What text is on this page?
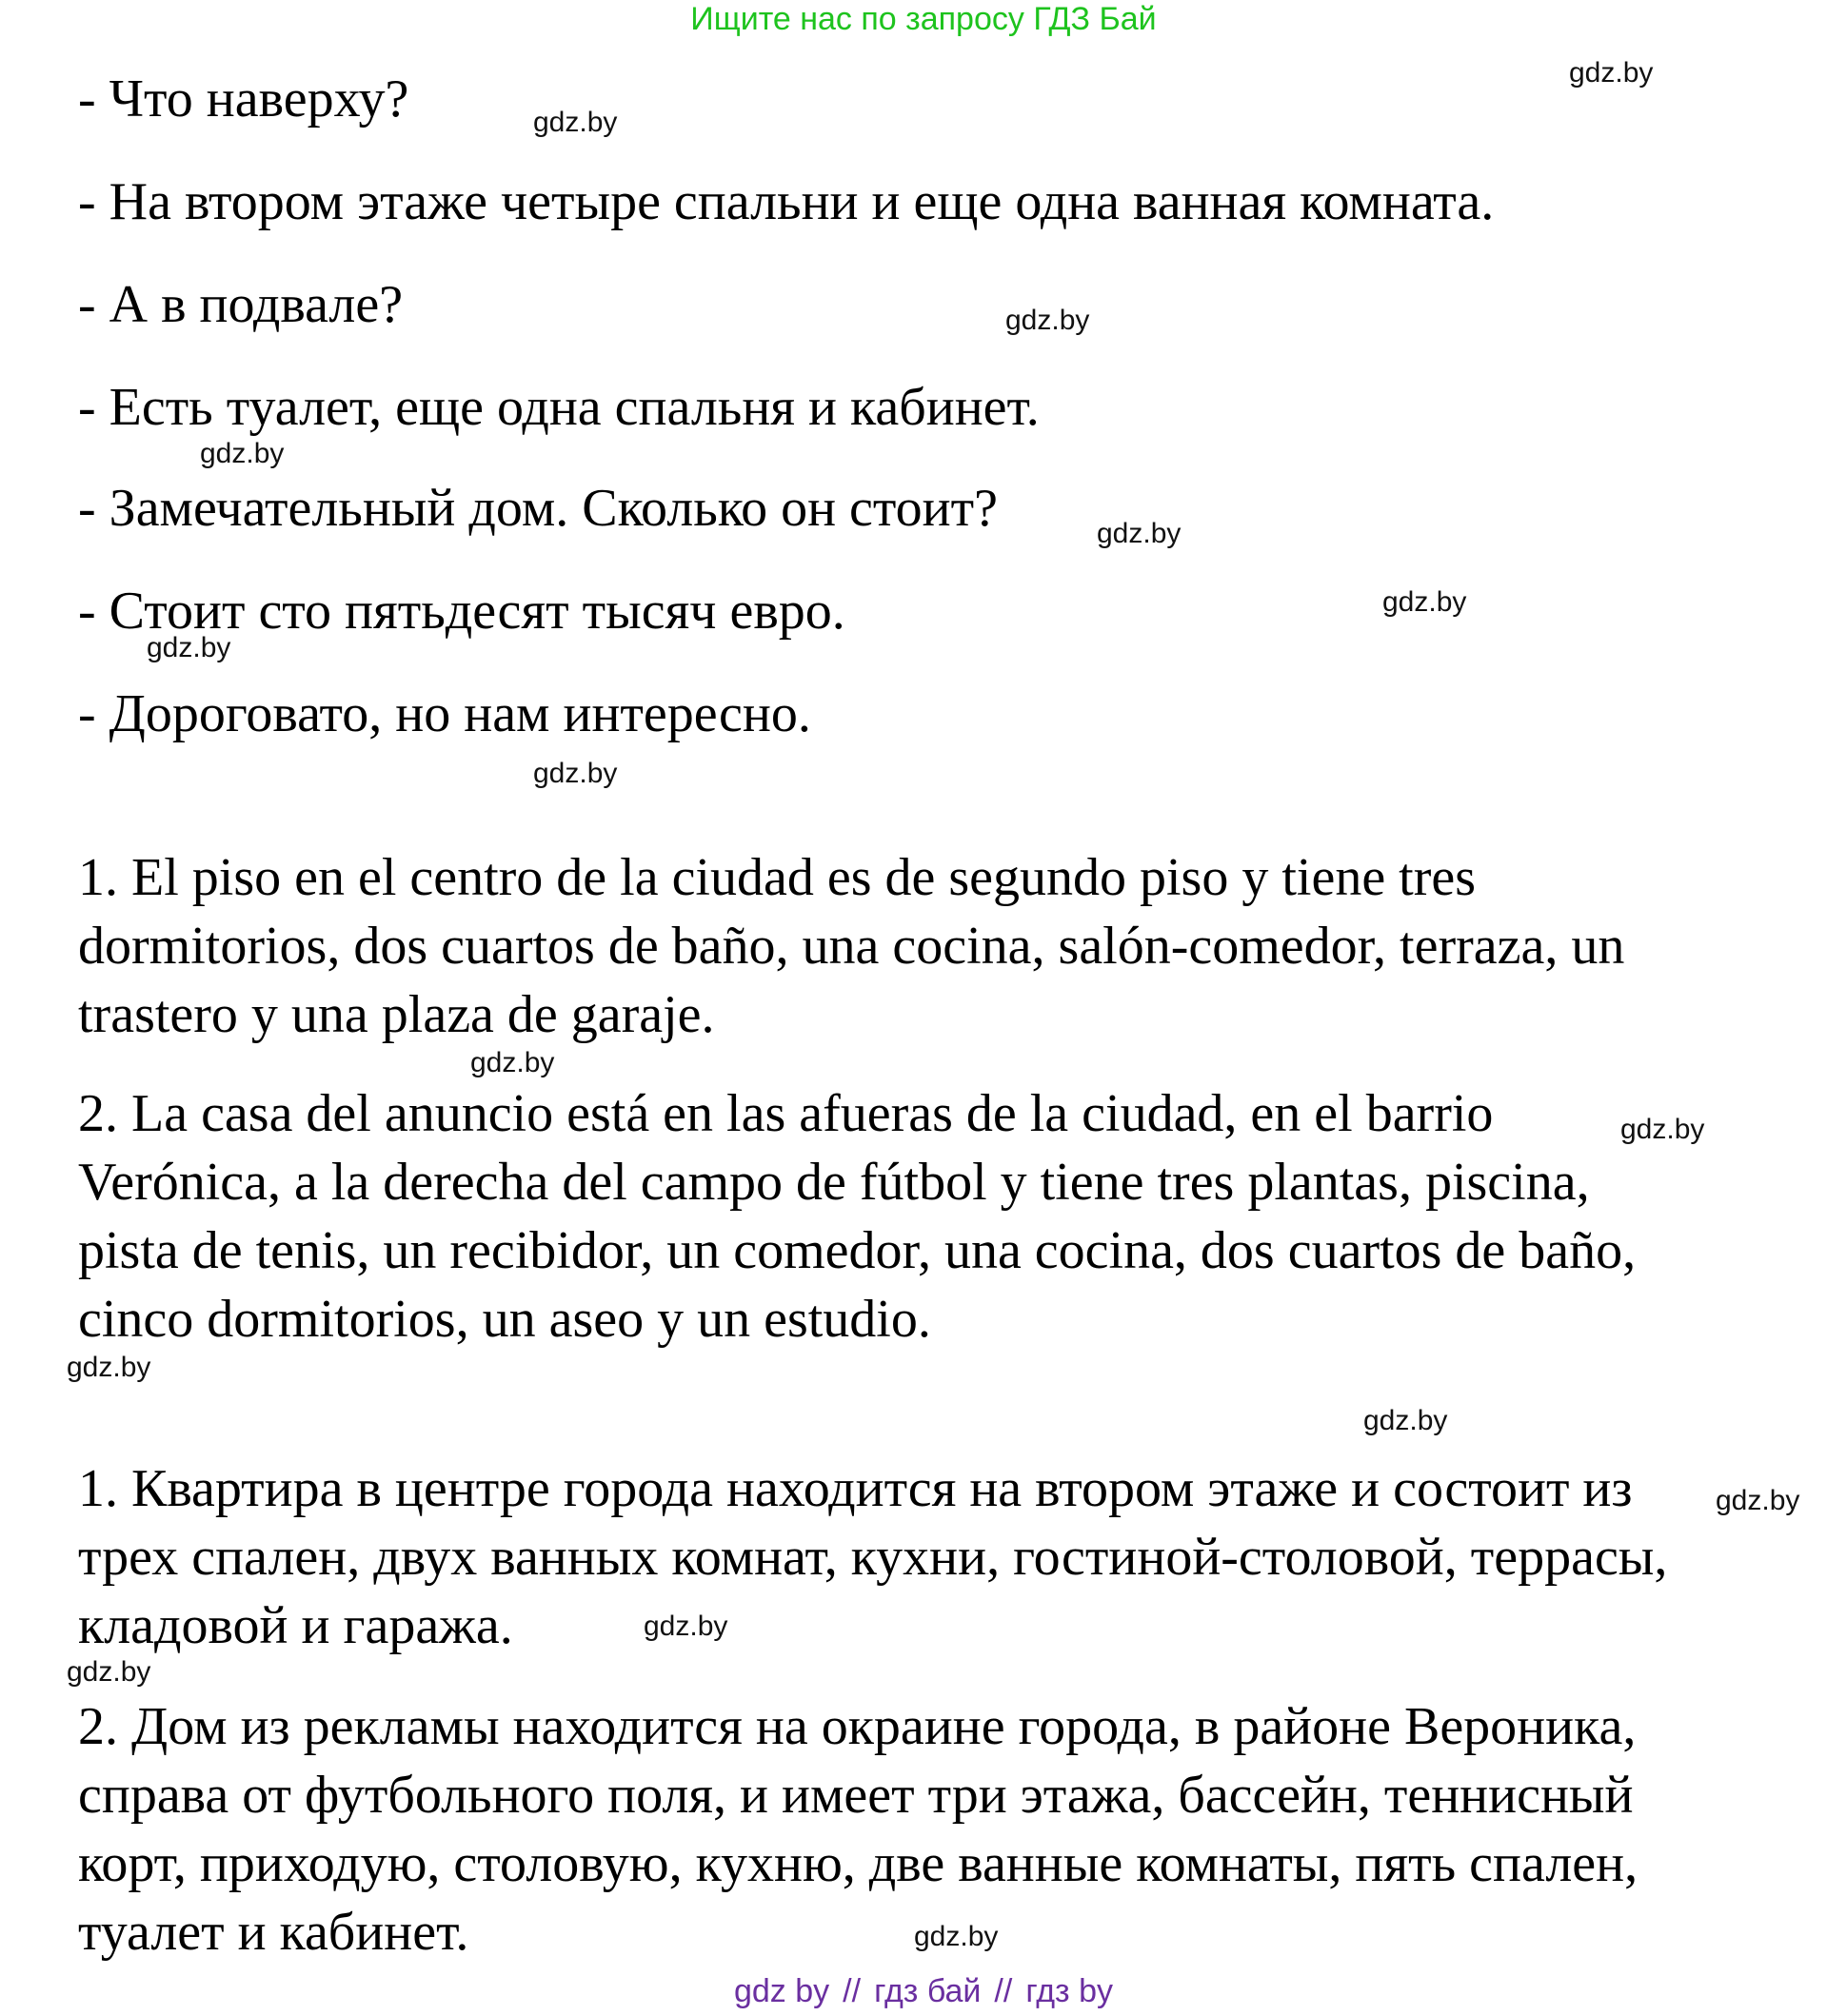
Ищите нас по запросу ГДЗ Бай
- Что наверху?
- На втором этаже четыре спальни и еще одна ванная комната.
- А в подвале?
- Есть туалет, еще одна спальня и кабинет.
- Замечательный дом. Сколько он стоит?
- Стоит сто пятьдесят тысяч евро.
- Дороговато, но нам интересно.
1. El piso en el centro de la ciudad es de segundo piso y tiene tres
dormitorios, dos cuartos de baño, una cocina, salón-comedor, terraza, un
trastero y una plaza de garaje.
2. La casa del anuncio está en las afueras de la ciudad, en el barrio
Verónica, a la derecha del campo de fútbol y tiene tres plantas, piscina,
pista de tenis, un recibidor, un comedor, una cocina, dos cuartos de baño,
cinco dormitorios, un aseo y un estudio.
1. Квартира в центре города находится на втором этаже и состоит из
трех спален, двух ванных комнат, кухни, гостиной-столовой, террасы,
кладовой и гаража.
2. Дом из рекламы находится на окраине города, в районе Вероника,
справа от футбольного поля, и имеет три этажа, бассейн, теннисный
корт, приходую, столовую, кухню, две ванные комнаты, пять спален,
туалет и кабинет.
gdz.by
gdz.by
gdz.by
gdz.by
gdz.by
gdz.by
gdz.by
gdz.by
gdz.by
gdz.by
gdz.by
gdz.by
gdz.by
gdz.by
gdz.by
gdz.by
gdz by // гдз бай // гдз by
